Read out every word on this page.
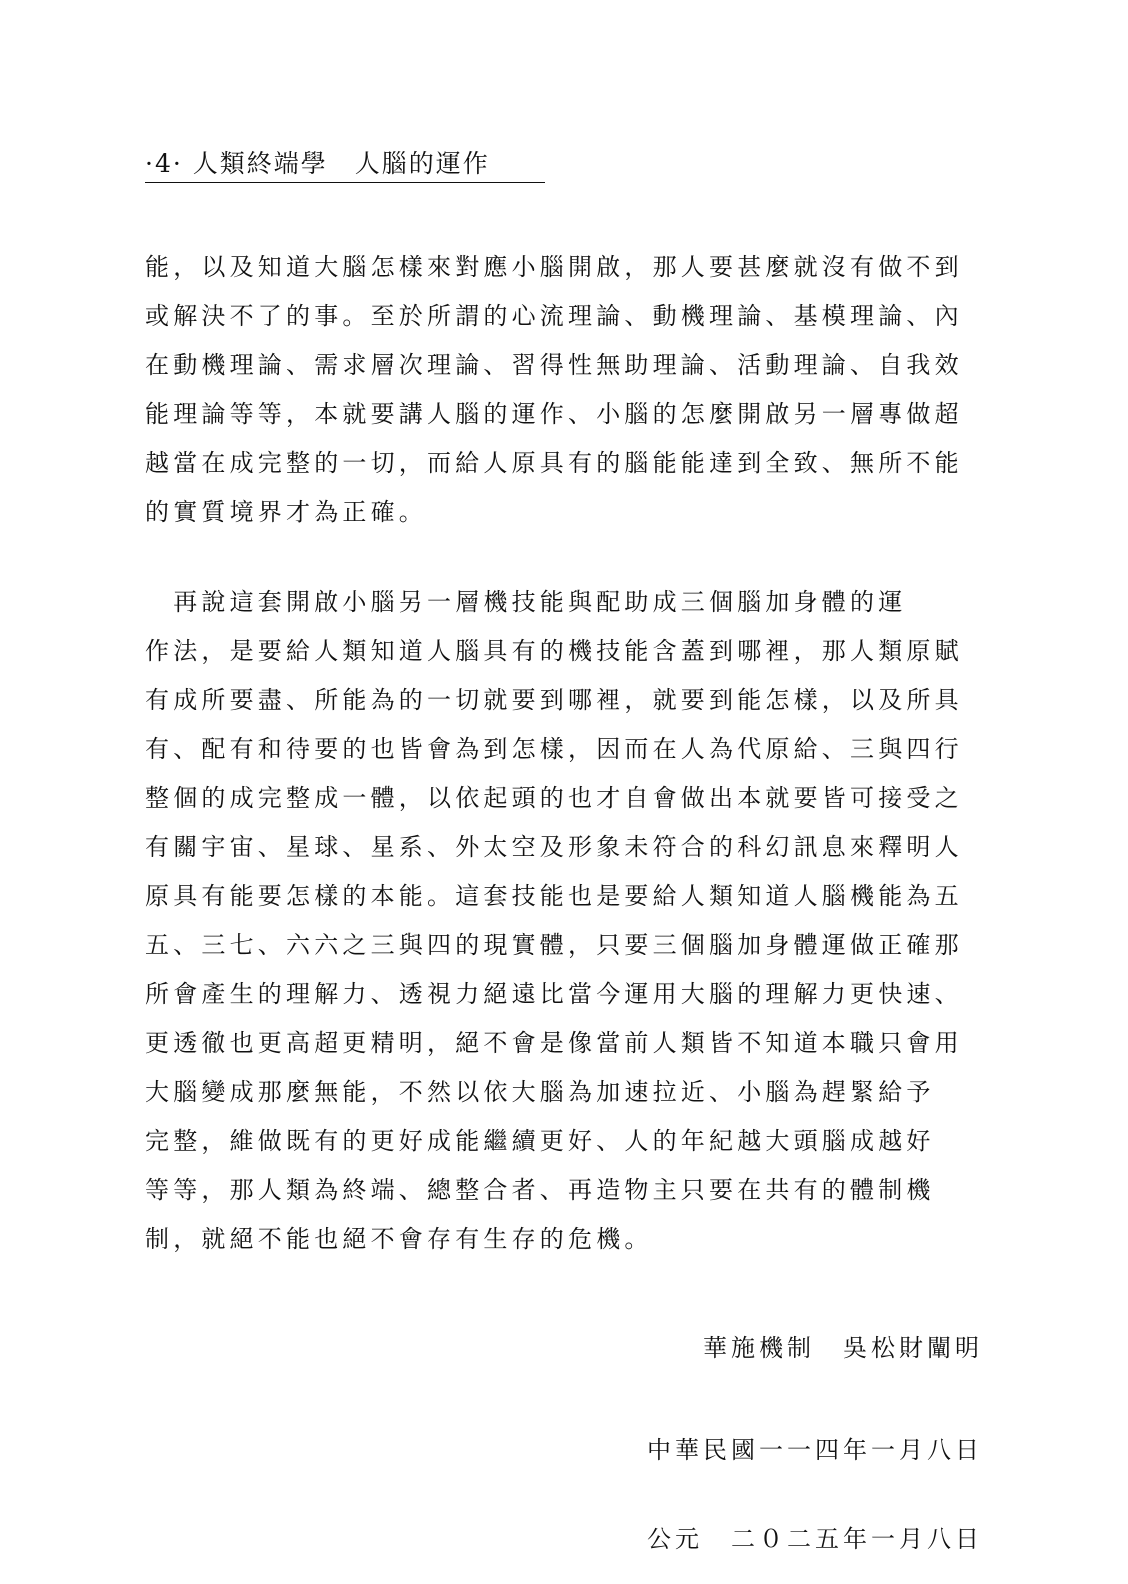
·4· 人類終端學　人腦的運作
能，以及知道大腦怎樣來對應小腦開啟，那人要甚麼就沒有做不到
或解決不了的事。至於所謂的心流理論、動機理論、基模理論、內
在動機理論、需求層次理論、習得性無助理論、活動理論、自我效
能理論等等，本就要講人腦的運作、小腦的怎麼開啟另一層專做超
越當在成完整的一切，而給人原具有的腦能能達到全致、無所不能
的實質境界才為正確。
　再說這套開啟小腦另一層機技能與配助成三個腦加身體的運
作法，是要給人類知道人腦具有的機技能含蓋到哪裡，那人類原賦
有成所要盡、所能為的一切就要到哪裡，就要到能怎樣，以及所具
有、配有和待要的也皆會為到怎樣，因而在人為代原給、三與四行
整個的成完整成一體，以依起頭的也才自會做出本就要皆可接受之
有關宇宙、星球、星系、外太空及形象未符合的科幻訊息來釋明人
原具有能要怎樣的本能。這套技能也是要給人類知道人腦機能為五
五、三七、六六之三與四的現實體，只要三個腦加身體運做正確那
所會產生的理解力、透視力絕遠比當今運用大腦的理解力更快速、
更透徹也更高超更精明，絕不會是像當前人類皆不知道本職只會用
大腦變成那麼無能，不然以依大腦為加速拉近、小腦為趕緊給予
完整，維做既有的更好成能繼續更好、人的年紀越大頭腦成越好
等等，那人類為終端、總整合者、再造物主只要在共有的體制機
制，就絕不能也絕不會存有生存的危機。
華施機制　吳松財闡明

中華民國一一四年一月八日

公元　二０二五年一月八日
